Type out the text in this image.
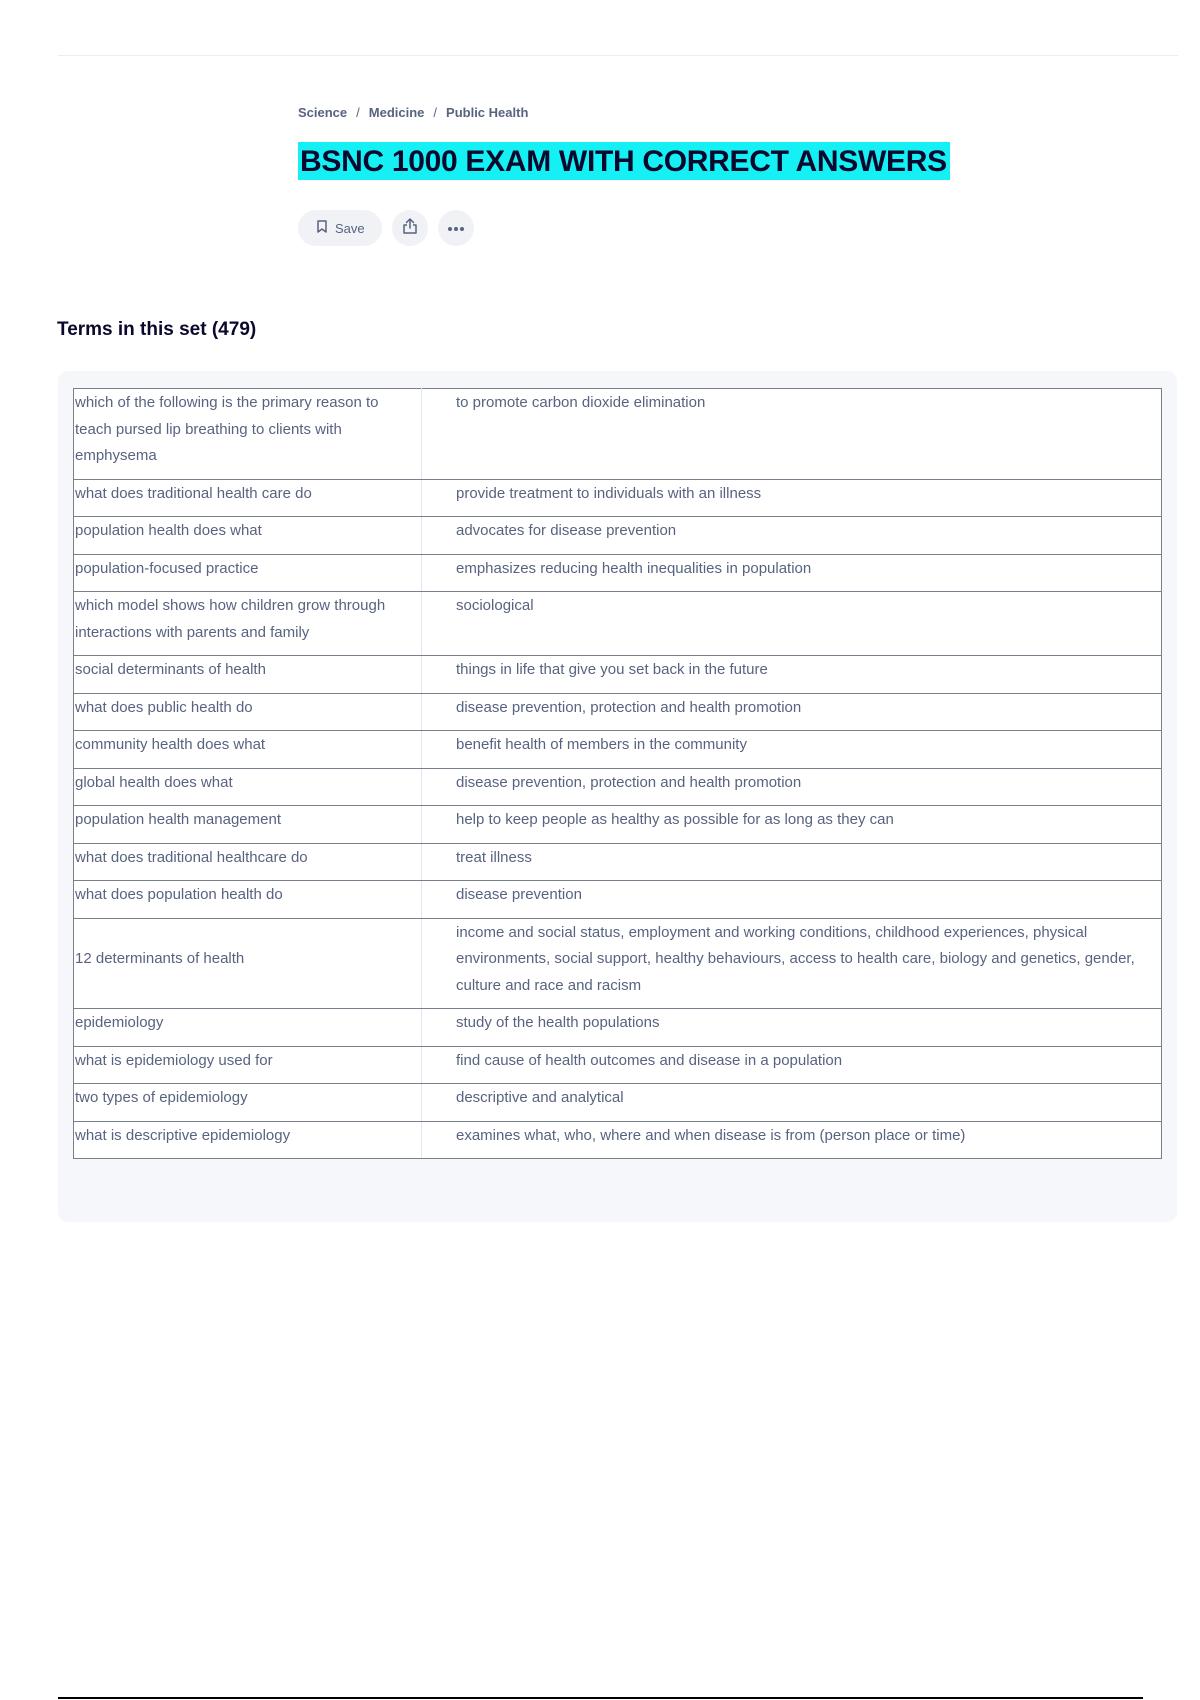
Science / Medicine / Public Health
BSNC 1000 EXAM WITH CORRECT ANSWERS
Save
Terms in this set (479)
which of the following is the primary reason to teach pursed lip breathing to clients with emphysema	to promote carbon dioxide elimination
what does traditional health care do	provide treatment to individuals with an illness
population health does what	advocates for disease prevention
population-focused practice	emphasizes reducing health inequalities in population
which model shows how children grow through interactions with parents and family	sociological
social determinants of health	things in life that give you set back in the future
what does public health do	disease prevention, protection and health promotion
community health does what	benefit health of members in the community
global health does what	disease prevention, protection and health promotion
population health management	help to keep people as healthy as possible for as long as they can
what does traditional healthcare do	treat illness
what does population health do	disease prevention
12 determinants of health	income and social status, employment and working conditions, childhood experiences, physical environments, social support, healthy behaviours, access to health care, biology and genetics, gender, culture and race and racism
epidemiology	study of the health populations
what is epidemiology used for	find cause of health outcomes and disease in a population
two types of epidemiology	descriptive and analytical
what is descriptive epidemiology	examines what, who, where and when disease is from (person place or time)
